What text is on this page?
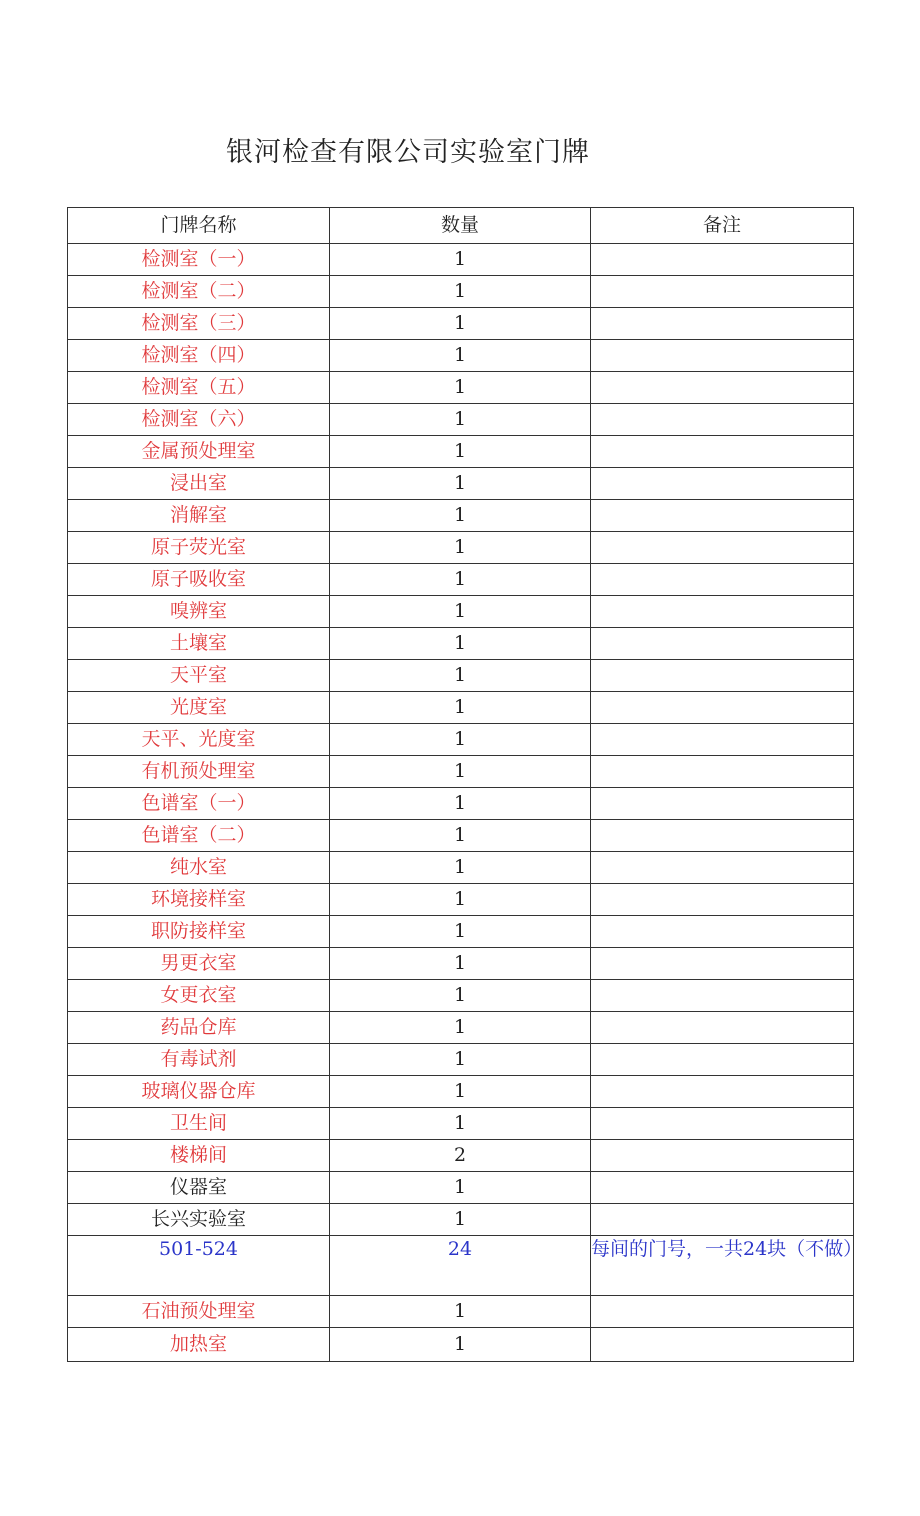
银河检查有限公司实验室门牌
门牌名称	数量	备注
检测室（一）	1	
检测室（二）	1	
检测室（三）	1	
检测室（四）	1	
检测室（五）	1	
检测室（六）	1	
金属预处理室	1	
浸出室	1	
消解室	1	
原子荧光室	1	
原子吸收室	1	
嗅辨室	1	
土壤室	1	
天平室	1	
光度室	1	
天平、光度室	1	
有机预处理室	1	
色谱室（一）	1	
色谱室（二）	1	
纯水室	1	
环境接样室	1	
职防接样室	1	
男更衣室	1	
女更衣室	1	
药品仓库	1	
有毒试剂	1	
玻璃仪器仓库	1	
卫生间	1	
楼梯间	2	
仪器室	1	
长兴实验室	1	
501-524	24	每间的门号，一共24块（不做）
石油预处理室	1	
加热室	1	
